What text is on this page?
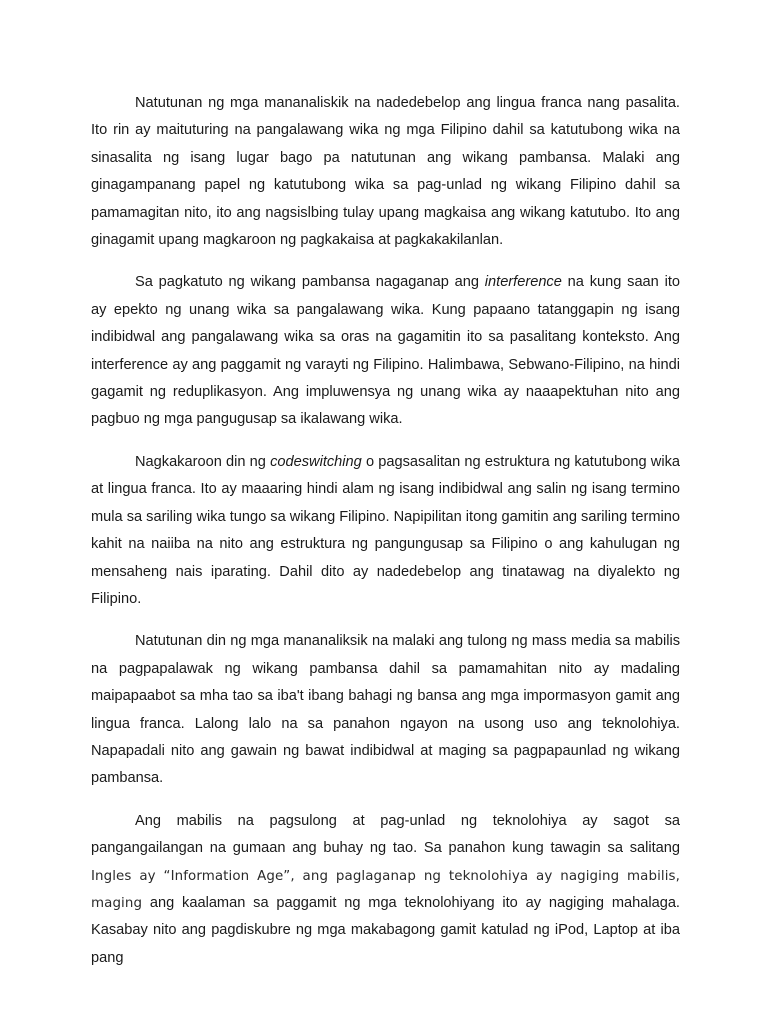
Natutunan ng mga mananaliskik na nadedebelop ang lingua franca nang pasalita. Ito rin ay maituturing na pangalawang wika ng mga Filipino dahil sa katutubong wika na sinasalita ng isang lugar bago pa natutunan ang wikang pambansa. Malaki ang ginagampanang papel ng katutubong wika sa pag-unlad ng wikang Filipino dahil sa pamamagitan nito, ito ang nagsislbing tulay upang magkaisa ang wikang katutubo. Ito ang ginagamit upang magkaroon ng pagkakaisa at pagkakakilanlan.

Sa pagkatuto ng wikang pambansa nagaganap ang interference na kung saan ito ay epekto ng unang wika sa pangalawang wika. Kung papaano tatanggapin ng isang indibidwal ang pangalawang wika sa oras na gagamitin ito sa pasalitang konteksto. Ang interference ay ang paggamit ng varayti ng Filipino. Halimbawa, Sebwano-Filipino, na hindi gagamit ng reduplikasyon. Ang impluwensya ng unang wika ay naaapektuhan nito ang pagbuo ng mga pangugusap sa ikalawang wika.

Nagkakaroon din ng codeswitching o pagsasalitan ng estruktura ng katutubong wika at lingua franca. Ito ay maaaring hindi alam ng isang indibidwal ang salin ng isang termino mula sa sariling wika tungo sa wikang Filipino. Napipilitan itong gamitin ang sariling termino kahit na naiiba na nito ang estruktura ng pangungusap sa Filipino o ang kahulugan ng mensaheng nais iparating. Dahil dito ay nadedebelop ang tinatawag na diyalekto ng Filipino.

Natutunan din ng mga mananaliksik na malaki ang tulong ng mass media sa mabilis na pagpapalawak ng wikang pambansa dahil sa pamamahitan nito ay madaling maipapaabot sa mha tao sa iba't ibang bahagi ng bansa ang mga impormasyon gamit ang lingua franca. Lalong lalo na sa panahon ngayon na usong uso ang teknolohiya. Napapadali nito ang gawain ng bawat indibidwal at maging sa pagpapaunlad ng wikang pambansa.

Ang mabilis na pagsulong at pag-unlad ng teknolohiya ay sagot sa pangangailangan na gumaan ang buhay ng tao. Sa panahon kung tawagin sa salitang Ingles ay “Information Age”, ang paglaganap ng teknolohiya ay nagiging mabilis, maging ang kaalaman sa paggamit ng mga teknolohiyang ito ay nagiging mahalaga. Kasabay nito ang pagdiskubre ng mga makabagong gamit katulad ng iPod, Laptop at iba pang
